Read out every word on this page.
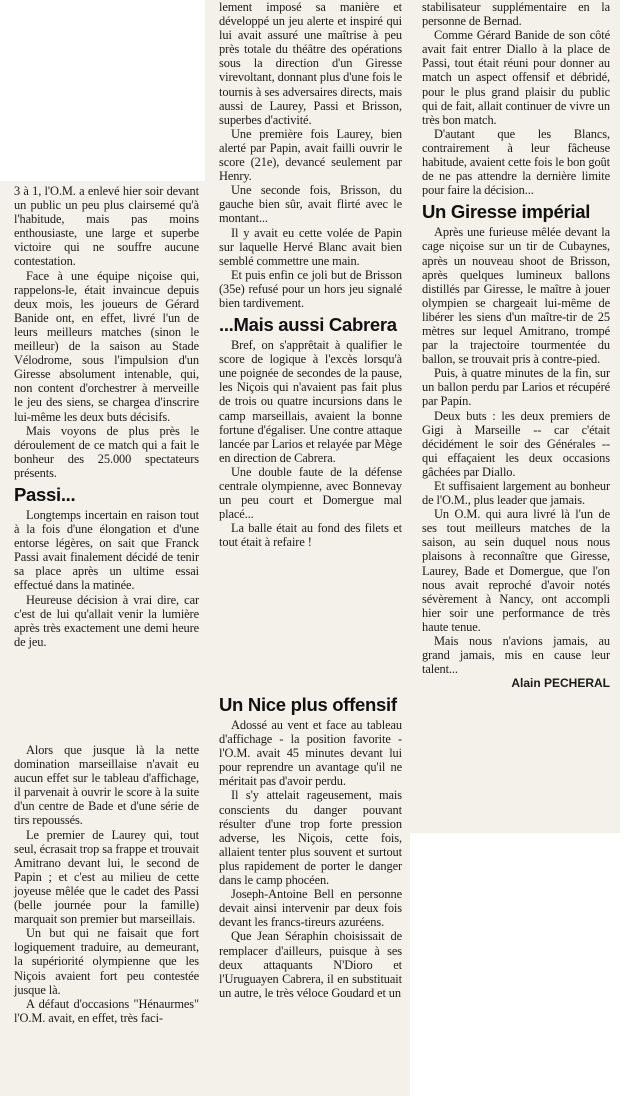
3 à 1, l'O.M. a enlevé hier soir devant un public un peu plus clairsemé qu'à l'habitude, mais pas moins enthousiaste, une large et superbe victoire qui ne souffre aucune contestation.

Face à une équipe niçoise qui, rappelons-le, était invaincue depuis deux mois, les joueurs de Gérard Banide ont, en effet, livré l'un de leurs meilleurs matches (sinon le meilleur) de la saison au Stade Vélodrome, sous l'impulsion d'un Giresse absolument intenable, qui, non content d'orchestrer à merveille le jeu des siens, se chargea d'inscrire lui-même les deux buts décisifs.

Mais voyons de plus près le déroulement de ce match qui a fait le bonheur des 25.000 spectateurs présents.

Passi...

Longtemps incertain en raison tout à la fois d'une élongation et d'une entorse légères, on sait que Franck Passi avait finalement décidé de tenir sa place après un ultime essai effectué dans la matinée.

Heureuse décision à vrai dire, car c'est de lui qu'allait venir la lumière après très exactement une demi heure de jeu.

Alors que jusque là la nette domination marseillaise n'avait eu aucun effet sur le tableau d'affichage, il parvenait à ouvrir le score à la suite d'un centre de Bade et d'une série de tirs repoussés.

Le premier de Laurey qui, tout seul, écrasait trop sa frappe et trouvait Amitrano devant lui, le second de Papin ; et c'est au milieu de cette joyeuse mêlée que le cadet des Passi (belle journée pour la famille) marquait son premier but marseillais.

Un but qui ne faisait que fort logiquement traduire, au demeurant, la supériorité olympienne que les Niçois avaient fort peu contestée jusque là.

A défaut d'occasions "Hénaurmes" l'O.M. avait, en effet, très faci-

lement imposé sa manière et développé un jeu alerte et inspiré qui lui avait assuré une maîtrise à peu près totale du théâtre des opérations sous la direction d'un Giresse virevoltant, donnant plus d'une fois le tournis à ses adversaires directs, mais aussi de Laurey, Passi et Brisson, superbes d'activité.

Une première fois Laurey, bien alerté par Papin, avait failli ouvrir le score (21e), devancé seulement par Henry.

Une seconde fois, Brisson, du gauche bien sûr, avait flirté avec le montant...

Il y avait eu cette volée de Papin sur laquelle Hervé Blanc avait bien semblé commettre une main.

Et puis enfin ce joli but de Brisson (35e) refusé pour un hors jeu signalé bien tardivement.

...Mais aussi Cabrera

Bref, on s'apprêtait à qualifier le score de logique à l'excès lorsqu'à une poignée de secondes de la pause, les Niçois qui n'avaient pas fait plus de trois ou quatre incursions dans le camp marseillais, avaient la bonne fortune d'égaliser. Une contre attaque lancée par Larios et relayée par Mège en direction de Cabrera.

Une double faute de la défense centrale olympienne, avec Bonnevay un peu court et Domergue mal placé...

La balle était au fond des filets et tout était à refaire !

Un Nice plus offensif

Adossé au vent et face au tableau d'affichage - la position favorite - l'O.M. avait 45 minutes devant lui pour reprendre un avantage qu'il ne méritait pas d'avoir perdu.

Il s'y attelait rageusement, mais conscients du danger pouvant résulter d'une trop forte pression adverse, les Niçois, cette fois, allaient tenter plus souvent et surtout plus rapidement de porter le danger dans le camp phocéen.

Joseph-Antoine Bell en personne devait ainsi intervenir par deux fois devant les francs-tireurs azuréens.

Que Jean Séraphin choisissait de remplacer d'ailleurs, puisque à ses deux attaquants N'Dioro et l'Uruguayen Cabrera, il en substituait un autre, le très véloce Goudard et un

stabilisateur supplémentaire en la personne de Bernad.

Comme Gérard Banide de son côté avait fait entrer Diallo à la place de Passi, tout était réuni pour donner au match un aspect offensif et débridé, pour le plus grand plaisir du public qui de fait, allait continuer de vivre un très bon match.

D'autant que les Blancs, contrairement à leur fâcheuse habitude, avaient cette fois le bon goût de ne pas attendre la dernière limite pour faire la décision...

Un Giresse impérial

Après une furieuse mêlée devant la cage niçoise sur un tir de Cubaynes, après un nouveau shoot de Brisson, après quelques lumineux ballons distillés par Giresse, le maître à jouer olympien se chargeait lui-même de libérer les siens d'un maître-tir de 25 mètres sur lequel Amitrano, trompé par la trajectoire tourmentée du ballon, se trouvait pris à contre-pied.

Puis, à quatre minutes de la fin, sur un ballon perdu par Larios et récupéré par Papin.

Deux buts : les deux premiers de Gigi à Marseille -- car c'était décidément le soir des Générales -- qui effaçaient les deux occasions gâchées par Diallo.

Et suffisaient largement au bonheur de l'O.M., plus leader que jamais.

Un O.M. qui aura livré là l'un de ses tout meilleurs matches de la saison, au sein duquel nous nous plaisons à reconnaître que Giresse, Laurey, Bade et Domergue, que l'on nous avait reproché d'avoir notés sévèrement à Nancy, ont accompli hier soir une performance de très haute tenue.

Mais nous n'avions jamais, au grand jamais, mis en cause leur talent...

Alain PECHERAL
